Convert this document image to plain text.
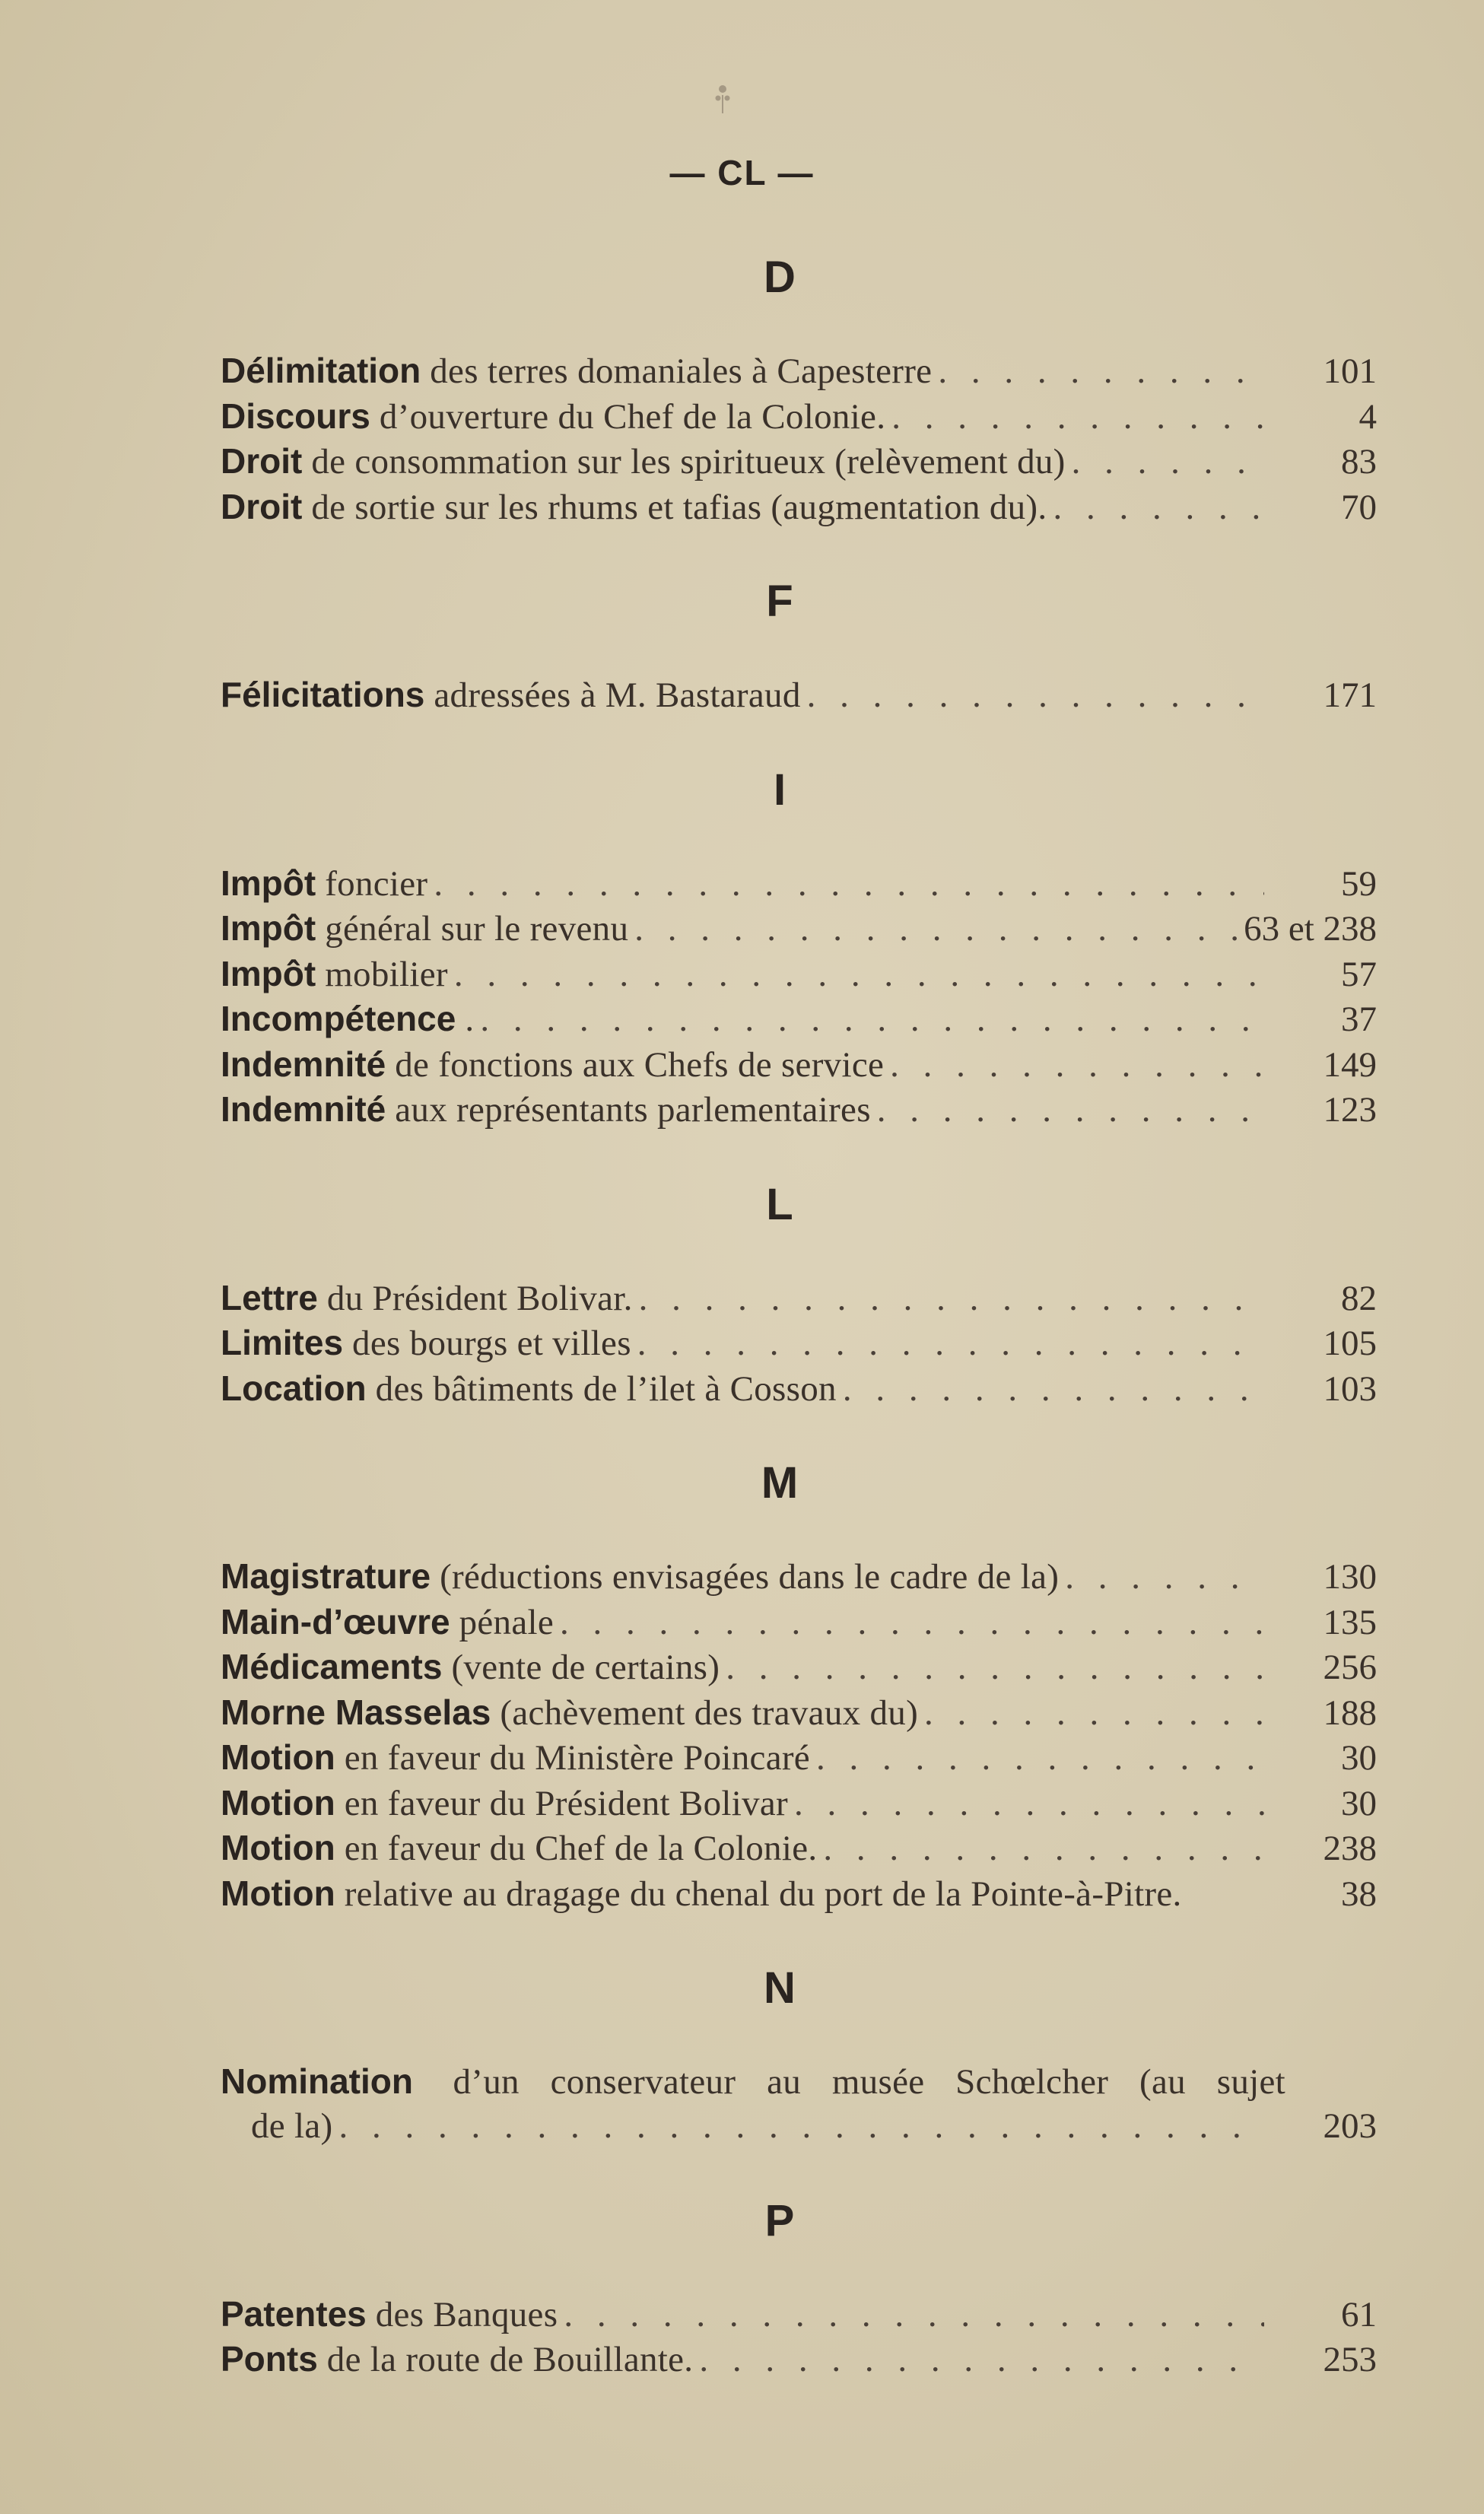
— CL —
D
Délimitation des terres domaniales à Capesterre . . .	101
Discours d’ouverture du Chef de la Colonie. . . .	4
Droit de consommation sur les spiritueux (relèvement du) . . .	83
Droit de sortie sur les rhums et tafias (augmentation du). . . .	70
F
Félicitations adressées à M. Bastaraud . . .	171
I
Impôt foncier . . .	59
Impôt général sur le revenu . . .	63 et 238
Impôt mobilier . . .	57
Incompétence . . . .	37
Indemnité de fonctions aux Chefs de service . . .	149
Indemnité aux représentants parlementaires . . .	123
L
Lettre du Président Bolivar. . . .	82
Limites des bourgs et villes . . .	105
Location des bâtiments de l’ilet à Cosson . . .	103
M
Magistrature (réductions envisagées dans le cadre de la) . . .	130
Main-d’œuvre pénale . . .	135
Médicaments (vente de certains) . . .	256
Morne Masselas (achèvement des travaux du) . . .	188
Motion en faveur du Ministère Poincaré . . .	30
Motion en faveur du Président Bolivar . . .	30
Motion en faveur du Chef de la Colonie. . . .	238
Motion relative au dragage du chenal du port de la Pointe-à-Pitre.	38
N
Nomination d’un conservateur au musée Schœlcher (au sujet
de la) . . .	203
P
Patentes des Banques . . .	61
Ponts de la route de Bouillante. . . .	253
